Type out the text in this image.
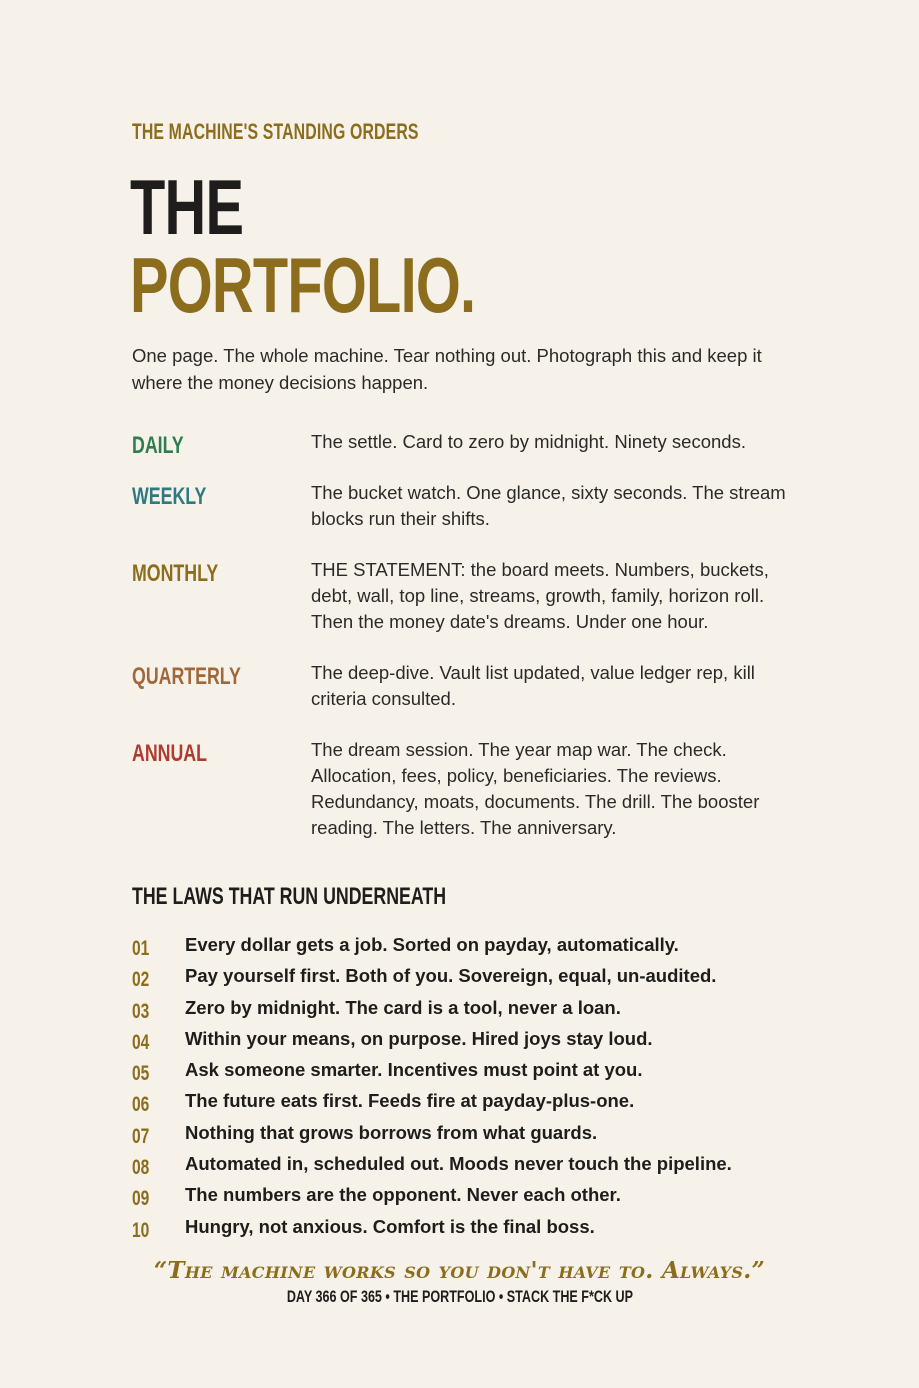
THE MACHINE'S STANDING ORDERS
THE
PORTFOLIO.

One page. The whole machine. Tear nothing out. Photograph this and keep it where the money decisions happen.

DAILY	The settle. Card to zero by midnight. Ninety seconds.
WEEKLY	The bucket watch. One glance, sixty seconds. The stream blocks run their shifts.
MONTHLY	THE STATEMENT: the board meets. Numbers, buckets, debt, wall, top line, streams, growth, family, horizon roll. Then the money date's dreams. Under one hour.
QUARTERLY	The deep-dive. Vault list updated, value ledger rep, kill criteria consulted.
ANNUAL	The dream session. The year map war. The check. Allocation, fees, policy, beneficiaries. The reviews. Redundancy, moats, documents. The drill. The booster reading. The letters. The anniversary.
THE LAWS THAT RUN UNDERNEATH
01 Every dollar gets a job. Sorted on payday, automatically.
02 Pay yourself first. Both of you. Sovereign, equal, un-audited.
03 Zero by midnight. The card is a tool, never a loan.
04 Within your means, on purpose. Hired joys stay loud.
05 Ask someone smarter. Incentives must point at you.
06 The future eats first. Feeds fire at payday-plus-one.
07 Nothing that grows borrows from what guards.
08 Automated in, scheduled out. Moods never touch the pipeline.
09 The numbers are the opponent. Never each other.
10 Hungry, not anxious. Comfort is the final boss.
“The machine works so you don't have to. Always.”
DAY 366 OF 365 • THE PORTFOLIO • STACK THE F*CK UP
